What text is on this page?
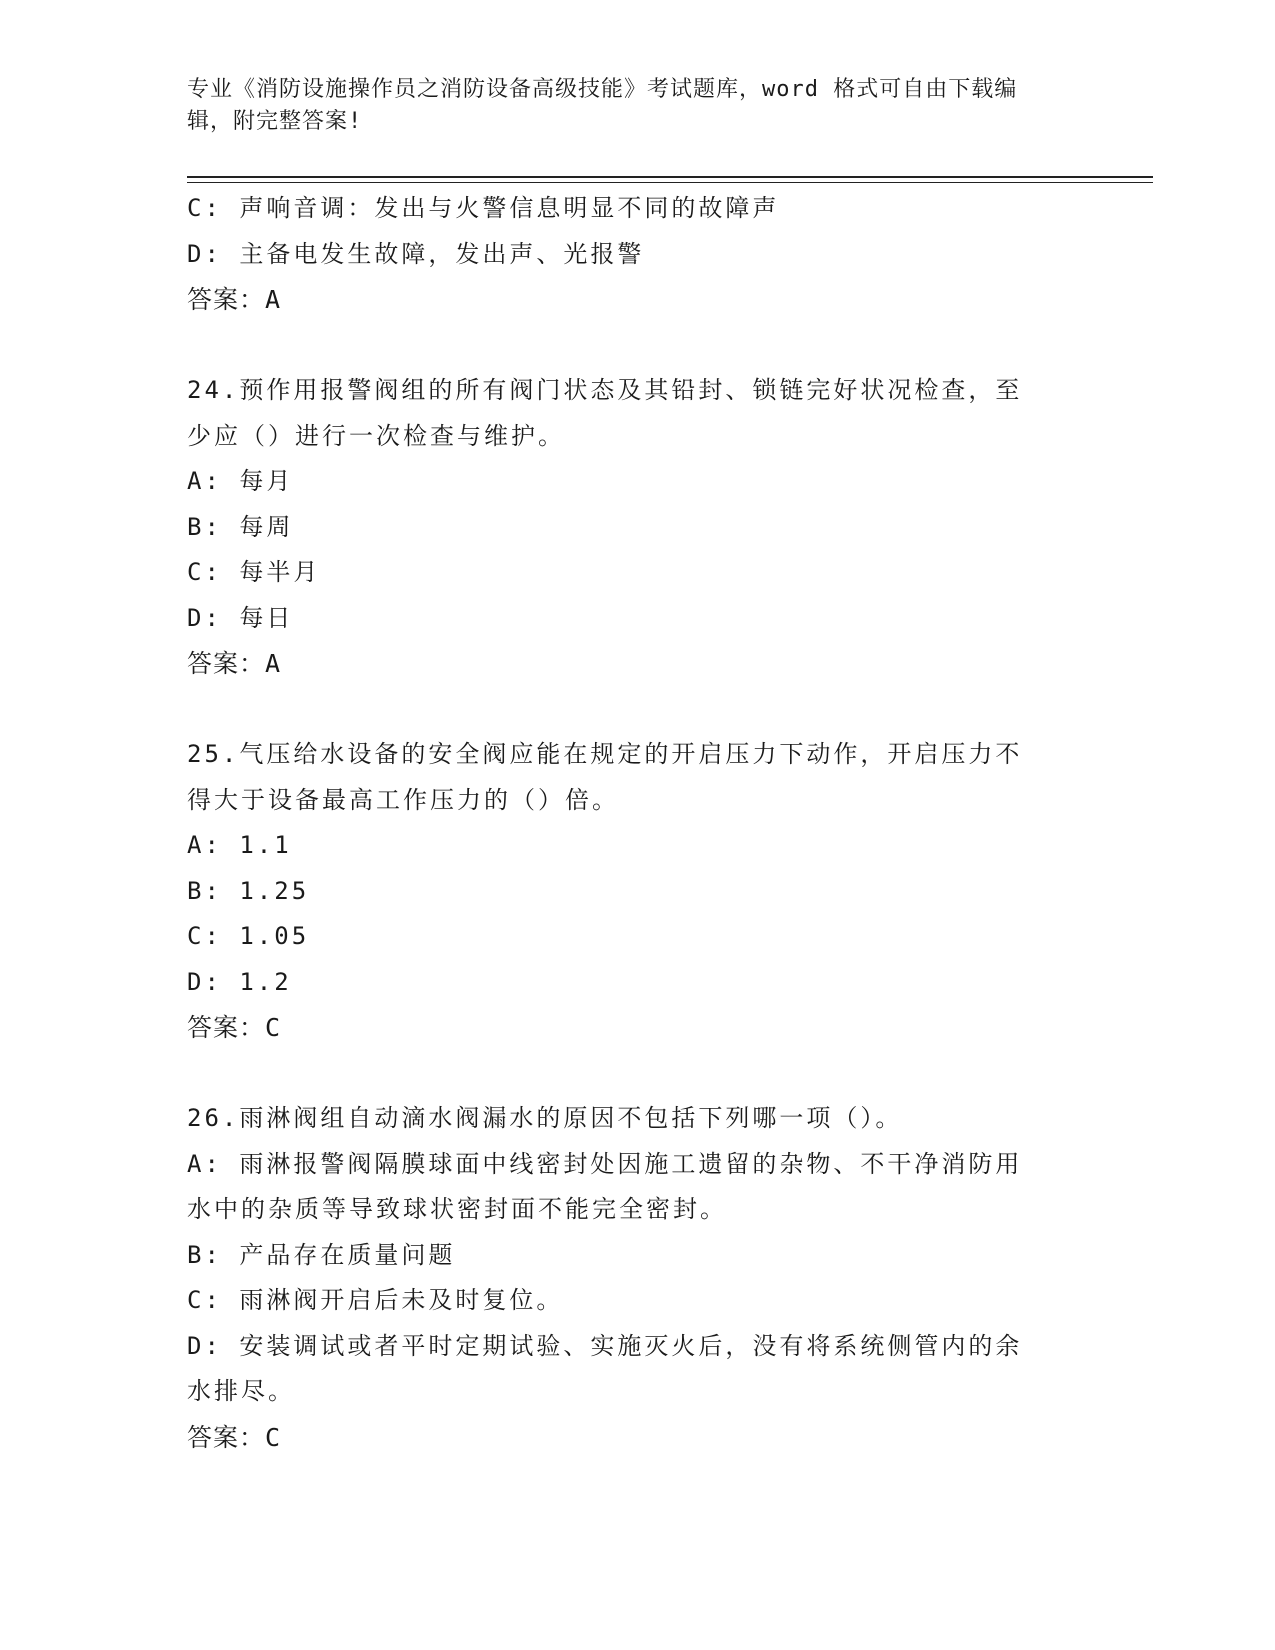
专业《消防设施操作员之消防设备高级技能》考试题库，word 格式可自由下载编
辑，附完整答案!
C: 声响音调：发出与火警信息明显不同的故障声
D: 主备电发生故障，发出声、光报警
答案：A
24.预作用报警阀组的所有阀门状态及其铅封、锁链完好状况检查，至
少应（）进行一次检查与维护。
A: 每月
B: 每周
C: 每半月
D: 每日
答案：A
25.气压给水设备的安全阀应能在规定的开启压力下动作，开启压力不
得大于设备最高工作压力的（）倍。
A: 1.1
B: 1.25
C: 1.05
D: 1.2
答案：C
26.雨淋阀组自动滴水阀漏水的原因不包括下列哪一项（）。
A: 雨淋报警阀隔膜球面中线密封处因施工遗留的杂物、不干净消防用
水中的杂质等导致球状密封面不能完全密封。
B: 产品存在质量问题
C: 雨淋阀开启后未及时复位。
D: 安装调试或者平时定期试验、实施灭火后，没有将系统侧管内的余
水排尽。
答案：C
